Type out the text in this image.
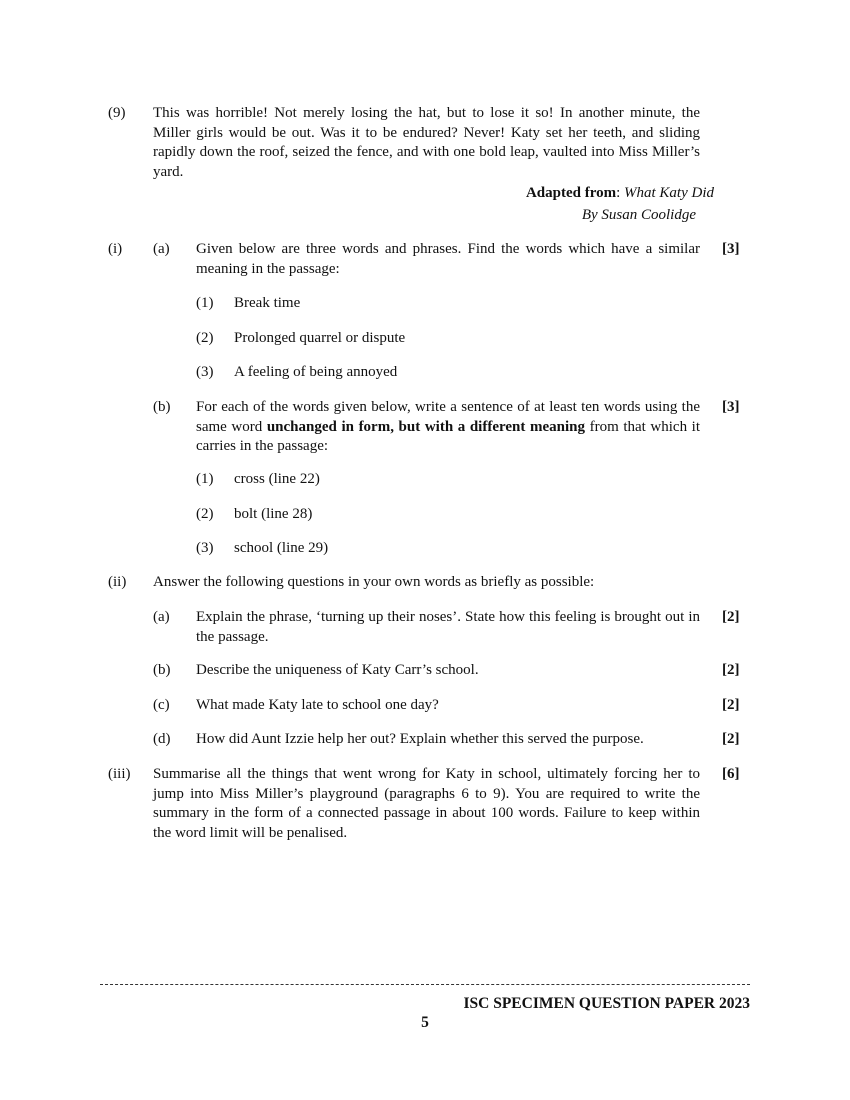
(9) This was horrible! Not merely losing the hat, but to lose it so! In another minute, the Miller girls would be out. Was it to be endured? Never! Katy set her teeth, and sliding rapidly down the roof, seized the fence, and with one bold leap, vaulted into Miss Miller’s yard.
Adapted from: What Katy Did
By Susan Coolidge
(i) (a) Given below are three words and phrases. Find the words which have a similar meaning in the passage:
[3]
(1) Break time
(2) Prolonged quarrel or dispute
(3) A feeling of being annoyed
(b) For each of the words given below, write a sentence of at least ten words using the same word unchanged in form, but with a different meaning from that which it carries in the passage:
[3]
(1) cross (line 22)
(2) bolt (line 28)
(3) school (line 29)
(ii) Answer the following questions in your own words as briefly as possible:
(a) Explain the phrase, ‘turning up their noses’. State how this feeling is brought out in the passage.
[2]
(b) Describe the uniqueness of Katy Carr’s school.	[2]
(c) What made Katy late to school one day?	[2]
(d) How did Aunt Izzie help her out? Explain whether this served the purpose.	[2]
(iii) Summarise all the things that went wrong for Katy in school, ultimately forcing her to jump into Miss Miller’s playground (paragraphs 6 to 9). You are required to write the summary in the form of a connected passage in about 100 words. Failure to keep within the word limit will be penalised.
[6]
ISC SPECIMEN QUESTION PAPER 2023
5
